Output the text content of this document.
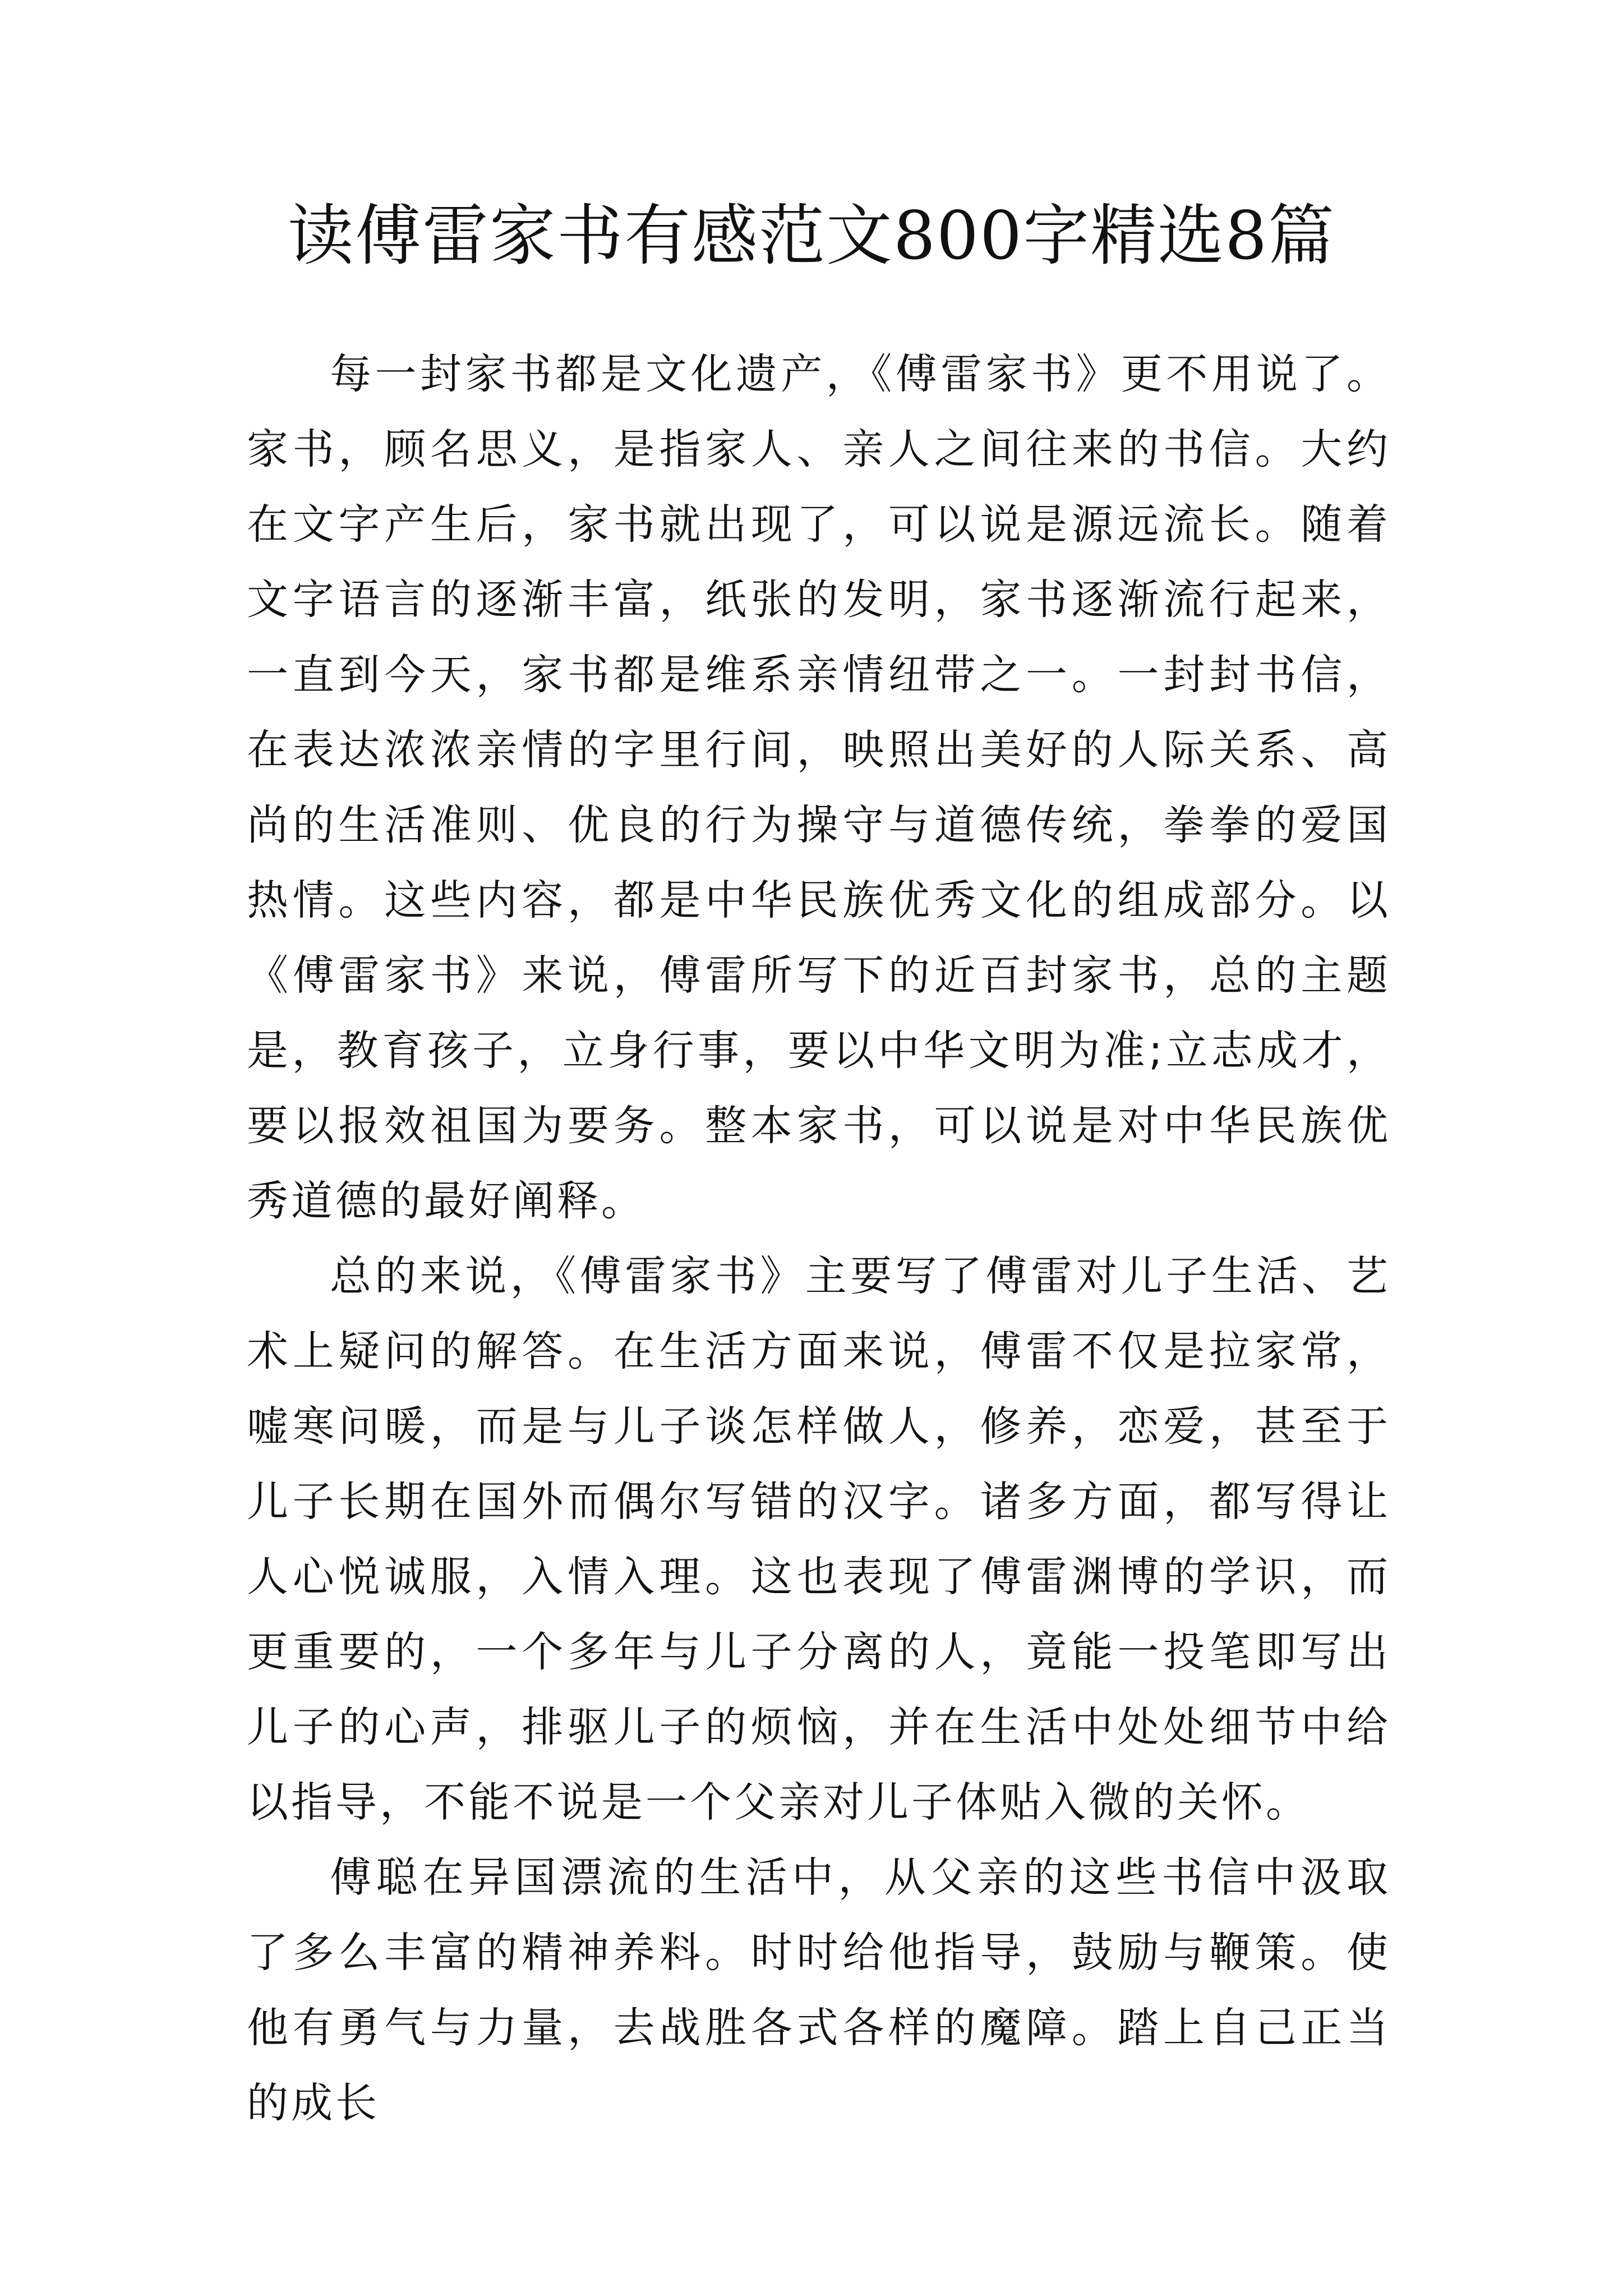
读傅雷家书有感范文800字精选8篇

每一封家书都是文化遗产，《傅雷家书》更不用说了。家书，顾名思义，是指家人、亲人之间往来的书信。大约在文字产生后，家书就出现了，可以说是源远流长。随着文字语言的逐渐丰富，纸张的发明，家书逐渐流行起来，一直到今天，家书都是维系亲情纽带之一。一封封书信，在表达浓浓亲情的字里行间，映照出美好的人际关系、高尚的生活准则、优良的行为操守与道德传统，拳拳的爱国热情。这些内容，都是中华民族优秀文化的组成部分。以《傅雷家书》来说，傅雷所写下的近百封家书，总的主题是，教育孩子，立身行事，要以中华文明为准;立志成才，要以报效祖国为要务。整本家书，可以说是对中华民族优秀道德的最好阐释。

总的来说，《傅雷家书》主要写了傅雷对儿子生活、艺术上疑问的解答。在生活方面来说，傅雷不仅是拉家常，嘘寒问暖，而是与儿子谈怎样做人，修养，恋爱，甚至于儿子长期在国外而偶尔写错的汉字。诸多方面，都写得让人心悦诚服，入情入理。这也表现了傅雷渊博的学识，而更重要的，一个多年与儿子分离的人，竟能一投笔即写出儿子的心声，排驱儿子的烦恼，并在生活中处处细节中给以指导，不能不说是一个父亲对儿子体贴入微的关怀。

傅聪在异国漂流的生活中，从父亲的这些书信中汲取了多么丰富的精神养料。时时给他指导，鼓励与鞭策。使他有勇气与力量，去战胜各式各样的魔障。踏上自己正当的成长
